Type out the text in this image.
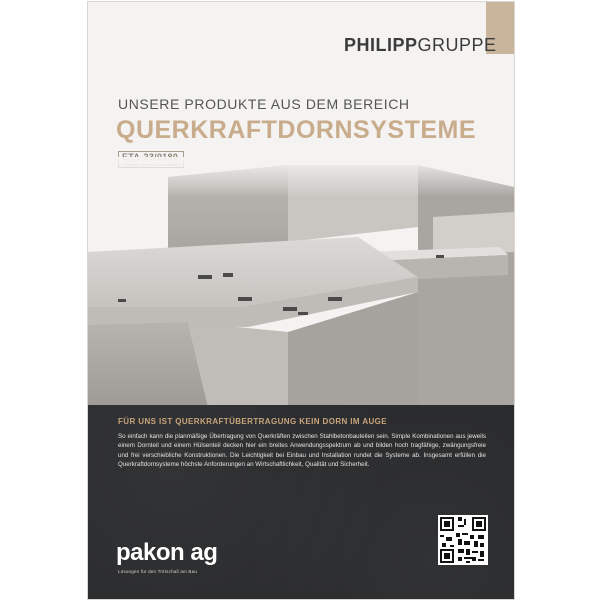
PHILIPPGRUPPE
UNSERE PRODUKTE AUS DEM BEREICH
QUERKRAFTDORNSYSTEME
FÜR UNS IST QUERKRAFTÜBERTRAGUNG KEIN DORN IM AUGE
So einfach kann die planmäßige Übertragung von Querkräften zwischen Stahlbetonbauteilen sein. Simple Kombinationen aus jeweils einem Dornteil und einem Hülsenteil decken hier ein breites Anwendungsspektrum ab und bilden hoch tragfähige, zwängungsfreie und frei verschiebliche Konstruktionen. Die Leichtigkeit bei Einbau und Installation rundet die Systeme ab. Insgesamt erfüllen die Querkraftdornsysteme höchste Anforderungen an Wirtschaftlichkeit, Qualität und Sicherheit.
pakon ag
Lösungen für den Trittschall am Bau
